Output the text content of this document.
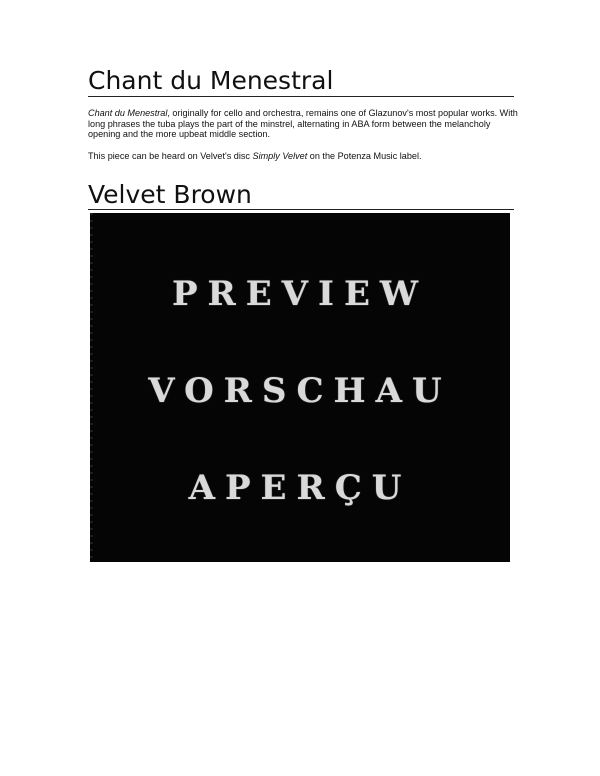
Chant du Menestral

Chant du Menestral, originally for cello and orchestra, remains one of Glazunov's most popular works. With long phrases the tuba plays the part of the minstrel, alternating in ABA form between the melancholy opening and the more upbeat middle section.

This piece can be heard on Velvet's disc Simply Velvet on the Potenza Music label.

Velvet Brown
PREVIEW
VORSCHAU
APERÇU
